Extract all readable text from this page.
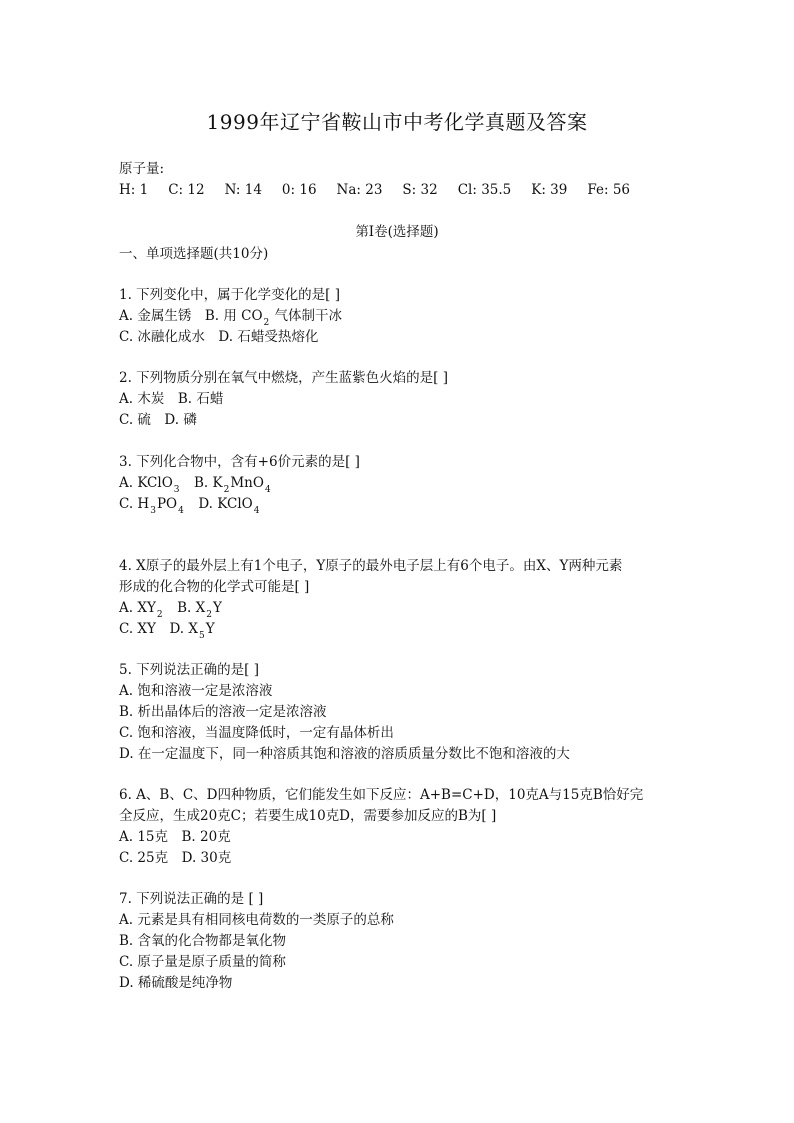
1999年辽宁省鞍山市中考化学真题及答案
原子量:
H: 1 C: 12 N: 14 0: 16 Na: 23 S: 32 Cl: 35.5 K: 39 Fe: 56
第Ⅰ卷(选择题)
一、单项选择题(共10分)
1. 下列变化中，属于化学变化的是[ ]
A. 金属生锈　B. 用 $CO_2$ 气体制干冰
C. 冰融化成水　D. 石蜡受热熔化
2. 下列物质分别在氧气中燃烧，产生蓝紫色火焰的是[ ]
A. 木炭　B. 石蜡
C. 硫　D. 磷
3. 下列化合物中，含有+6价元素的是[ ]
A. KClO$_3$　B. $K_2MnO_4$
C. $H_3PO_4$　D. KClO$_4$
4. X原子的最外层上有1个电子，Y原子的最外电子层上有6个电子。由X、Y两种元素
形成的化合物的化学式可能是[ ]
A. $XY_2$　B. $X_2Y$
C. XY　D. $X_5Y$
5. 下列说法正确的是[ ]
A. 饱和溶液一定是浓溶液
B. 析出晶体后的溶液一定是浓溶液
C. 饱和溶液，当温度降低时，一定有晶体析出
D. 在一定温度下，同一种溶质其饱和溶液的溶质质量分数比不饱和溶液的大
6. A、B、C、D四种物质，它们能发生如下反应：A+B=C+D，10克A与15克B恰好完
全反应，生成20克C；若要生成10克D，需要参加反应的B为[ ]
A. 15克　B. 20克
C. 25克　D. 30克
7. 下列说法正确的是 [ ]
A. 元素是具有相同核电荷数的一类原子的总称
B. 含氧的化合物都是氧化物
C. 原子量是原子质量的简称
D. 稀硫酸是纯净物
